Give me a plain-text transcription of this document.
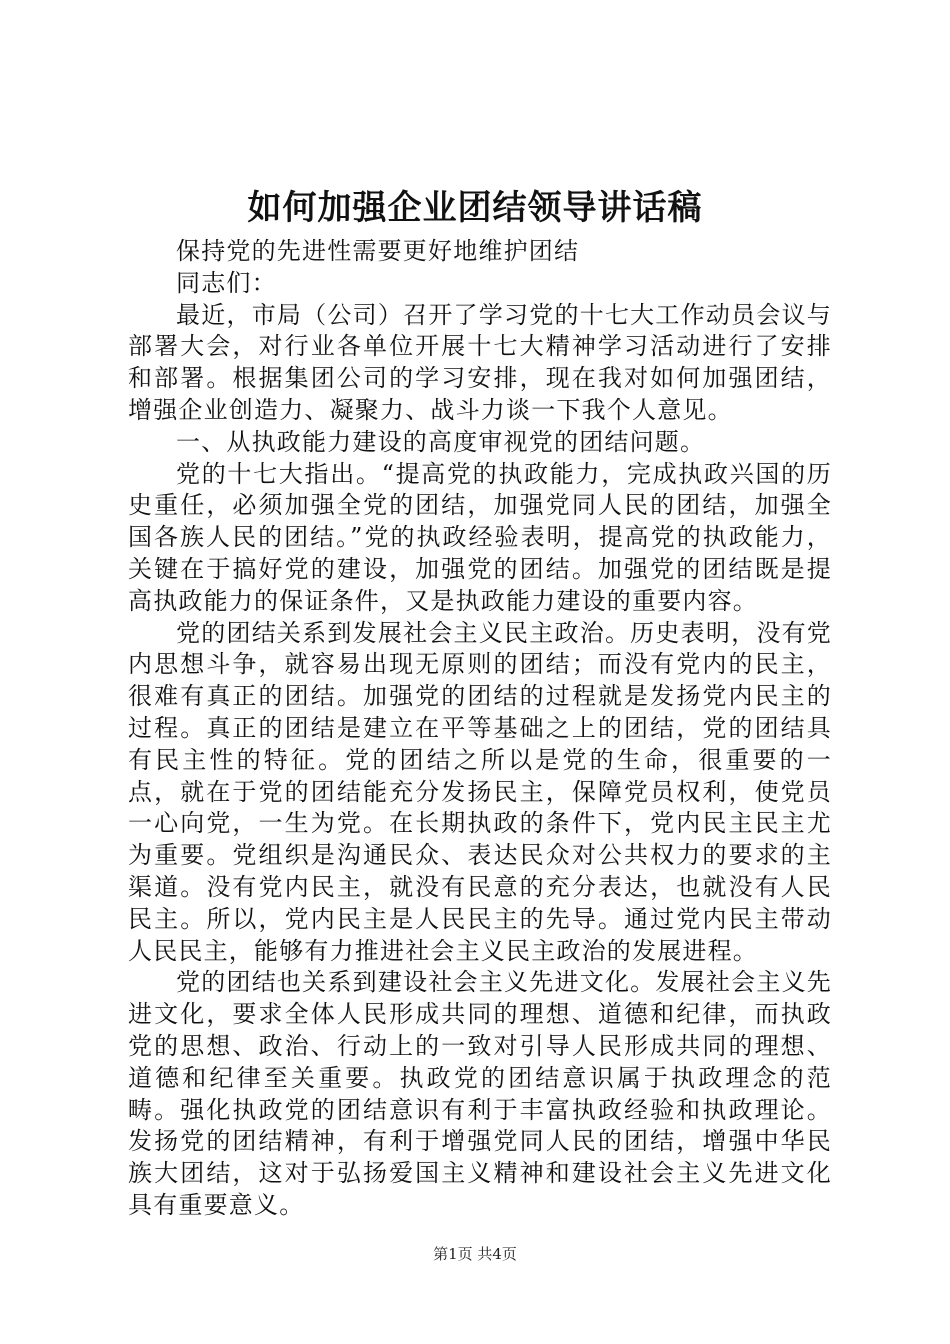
如何加强企业团结领导讲话稿

保持党的先进性需要更好地维护团结

同志们：

最近，市局（公司）召开了学习党的十七大工作动员会议与部署大会，对行业各单位开展十七大精神学习活动进行了安排和部署。根据集团公司的学习安排，现在我对如何加强团结，增强企业创造力、凝聚力、战斗力谈一下我个人意见。

一、从执政能力建设的高度审视党的团结问题。

党的十七大指出。“提高党的执政能力，完成执政兴国的历史重任，必须加强全党的团结，加强党同人民的团结，加强全国各族人民的团结。”党的执政经验表明，提高党的执政能力，关键在于搞好党的建设，加强党的团结。加强党的团结既是提高执政能力的保证条件，又是执政能力建设的重要内容。

党的团结关系到发展社会主义民主政治。历史表明，没有党内思想斗争，就容易出现无原则的团结；而没有党内的民主，很难有真正的团结。加强党的团结的过程就是发扬党内民主的过程。真正的团结是建立在平等基础之上的团结，党的团结具有民主性的特征。党的团结之所以是党的生命，很重要的一点，就在于党的团结能充分发扬民主，保障党员权利，使党员一心向党，一生为党。在长期执政的条件下，党内民主民主尤为重要。党组织是沟通民众、表达民众对公共权力的要求的主渠道。没有党内民主，就没有民意的充分表达，也就没有人民民主。所以，党内民主是人民民主的先导。通过党内民主带动人民民主，能够有力推进社会主义民主政治的发展进程。

党的团结也关系到建设社会主义先进文化。发展社会主义先进文化，要求全体人民形成共同的理想、道德和纪律，而执政党的思想、政治、行动上的一致对引导人民形成共同的理想、道德和纪律至关重要。执政党的团结意识属于执政理念的范畴。强化执政党的团结意识有利于丰富执政经验和执政理论。发扬党的团结精神，有利于增强党同人民的团结，增强中华民族大团结，这对于弘扬爱国主义精神和建设社会主义先进文化具有重要意义。

第1页 共4页
